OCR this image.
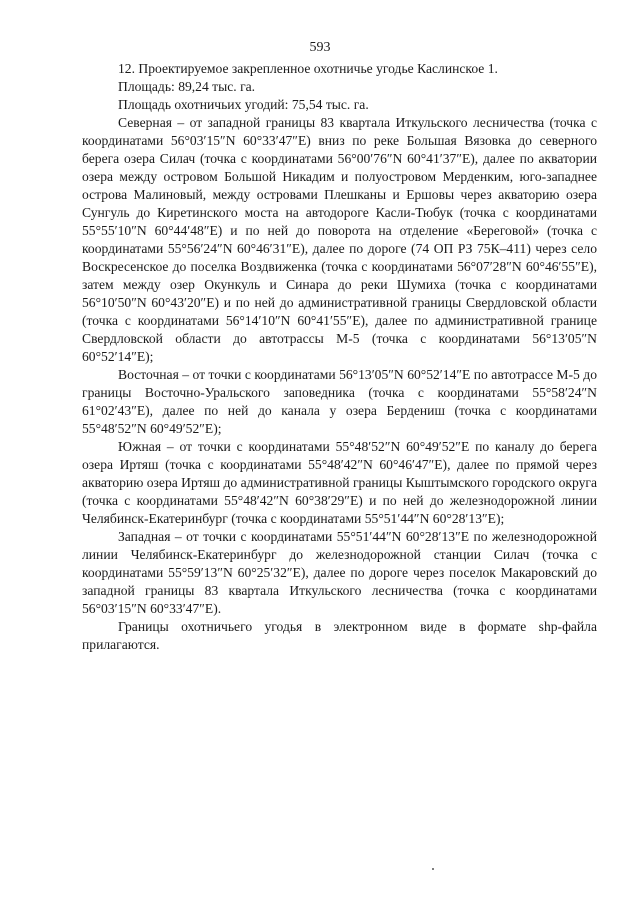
593

12. Проектируемое закрепленное охотничье угодье Каслинское 1.

Площадь: 89,24 тыс. га.

Площадь охотничьих угодий: 75,54 тыс. га.

Северная – от западной границы 83 квартала Иткульского лесничества (точка с координатами 56°03′15″N 60°33′47″E) вниз по реке Большая Вязовка до северного берега озера Силач (точка с координатами 56°00′76″N 60°41′37″E), далее по акватории озера между островом Большой Никадим и полуостровом Мерденким, юго-западнее острова Малиновый, между островами Плешканы и Ершовы через акваторию озера Сунгуль до Киретинского моста на автодороге Касли-Тюбук (точка с координатами 55°55′10″N 60°44′48″E) и по ней до поворота на отделение «Береговой» (точка с координатами 55°56′24″N 60°46′31″E), далее по дороге (74 ОП РЗ 75К–411) через село Воскресенское до поселка Воздвиженка (точка с координатами 56°07′28″N 60°46′55″E), затем между озер Окункуль и Синара до реки Шумиха (точка с координатами 56°10′50″N 60°43′20″E) и по ней до административной границы Свердловской области (точка с координатами 56°14′10″N 60°41′55″E), далее по административной границе Свердловской области до автотрассы М-5 (точка с координатами 56°13′05″N 60°52′14″E);

Восточная – от точки с координатами 56°13′05″N 60°52′14″E по автотрассе М-5 до границы Восточно-Уральского заповедника (точка с координатами 55°58′24″N 61°02′43″E), далее по ней до канала у озера Бердениш (точка с координатами 55°48′52″N 60°49′52″E);

Южная – от точки с координатами 55°48′52″N 60°49′52″E по каналу до берега озера Иртяш (точка с координатами 55°48′42″N 60°46′47″E), далее по прямой через акваторию озера Иртяш до административной границы Кыштымского городского округа (точка с координатами 55°48′42″N 60°38′29″E) и по ней до железнодорожной линии Челябинск-Екатеринбург (точка с координатами 55°51′44″N 60°28′13″E);

Западная – от точки с координатами 55°51′44″N 60°28′13″E по железнодорожной линии Челябинск-Екатеринбург до железнодорожной станции Силач (точка с координатами 55°59′13″N 60°25′32″E), далее по дороге через поселок Макаровский до западной границы 83 квартала Иткульского лесничества (точка с координатами 56°03′15″N 60°33′47″E).

Границы охотничьего угодья в электронном виде в формате shp-файла прилагаются.
